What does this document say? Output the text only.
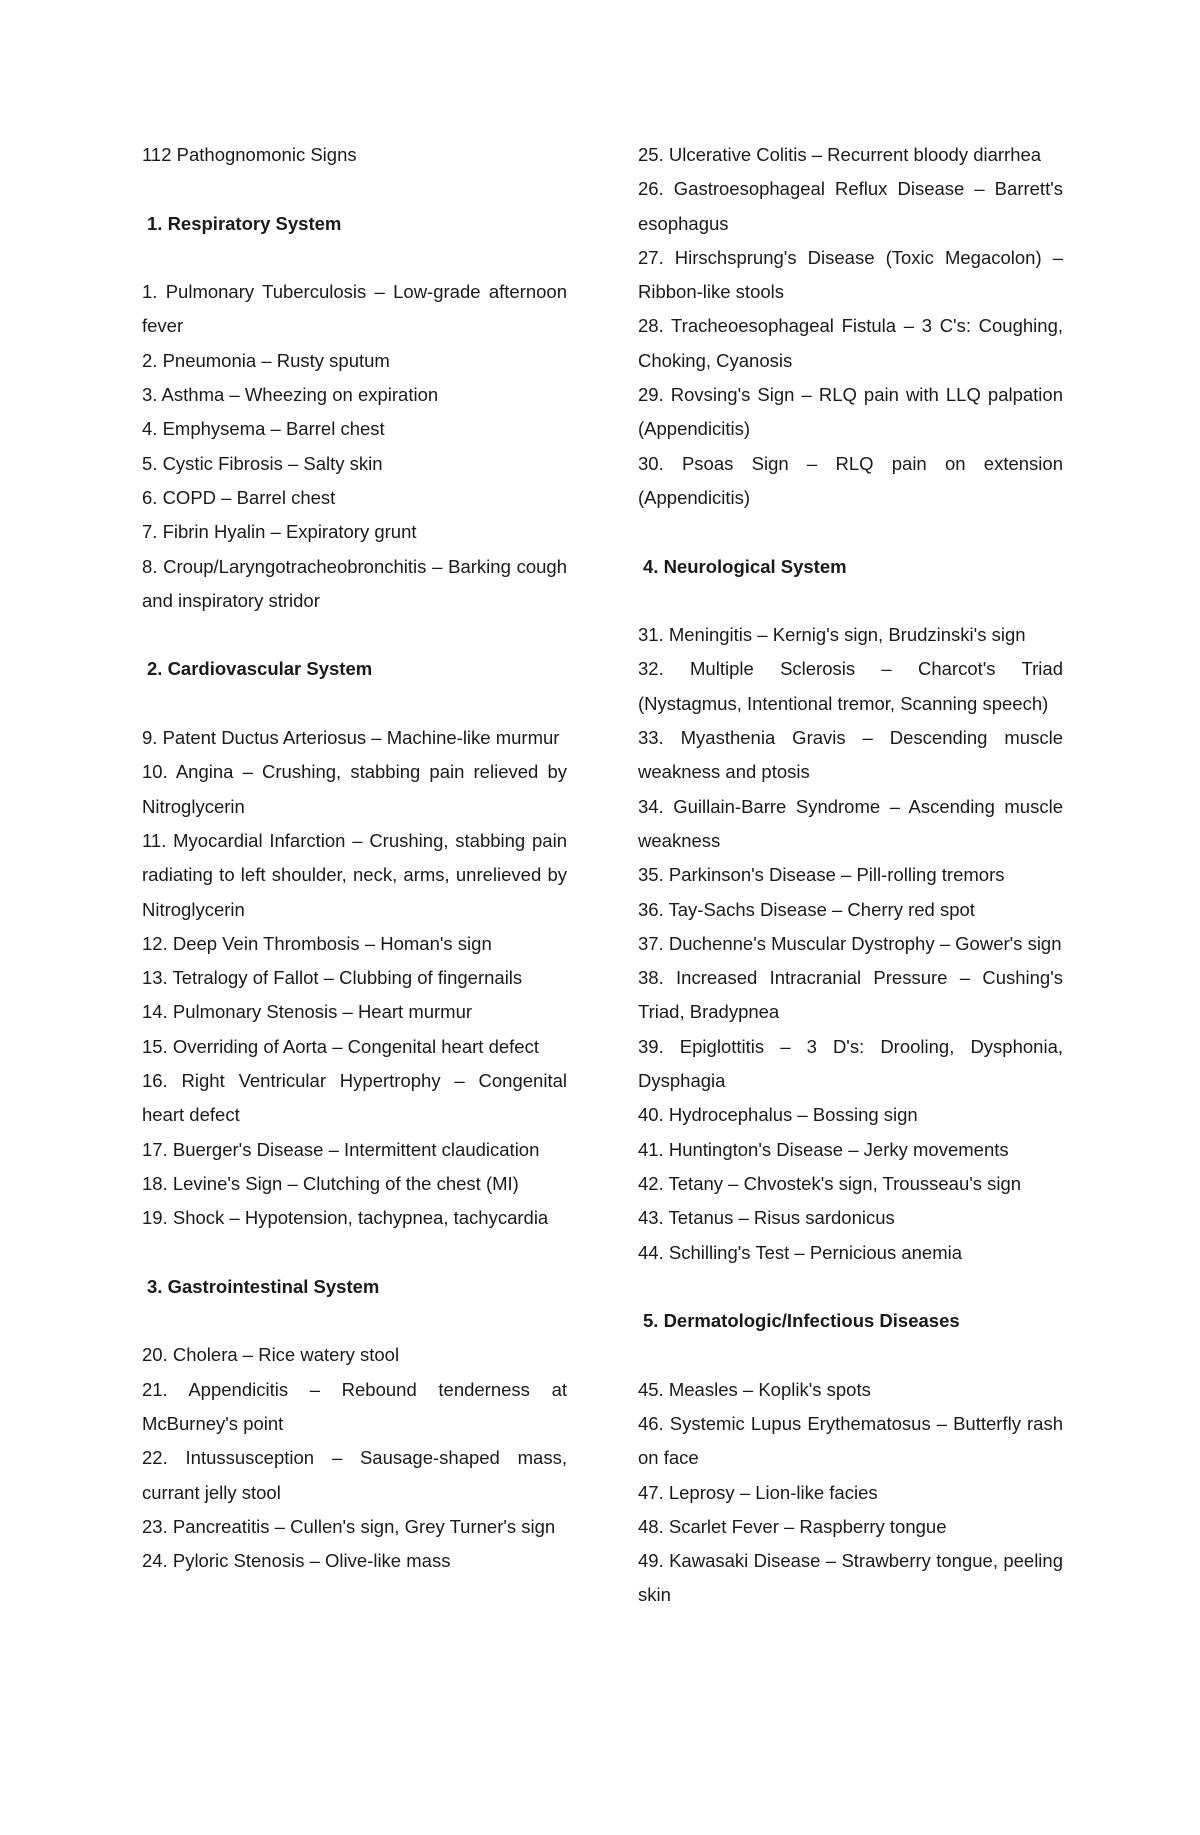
112 Pathognomonic Signs

1. Respiratory System

1. Pulmonary Tuberculosis – Low-grade afternoon fever

2. Pneumonia – Rusty sputum

3. Asthma – Wheezing on expiration

4. Emphysema – Barrel chest

5. Cystic Fibrosis – Salty skin

6. COPD – Barrel chest

7. Fibrin Hyalin – Expiratory grunt

8. Croup/Laryngotracheobronchitis – Barking cough and inspiratory stridor

2. Cardiovascular System

9. Patent Ductus Arteriosus – Machine-like murmur

10. Angina – Crushing, stabbing pain relieved by Nitroglycerin

11. Myocardial Infarction – Crushing, stabbing pain radiating to left shoulder, neck, arms, unrelieved by Nitroglycerin

12. Deep Vein Thrombosis – Homan's sign

13. Tetralogy of Fallot – Clubbing of fingernails

14. Pulmonary Stenosis – Heart murmur

15. Overriding of Aorta – Congenital heart defect

16. Right Ventricular Hypertrophy – Congenital heart defect

17. Buerger's Disease – Intermittent claudication

18. Levine's Sign – Clutching of the chest (MI)

19. Shock – Hypotension, tachypnea, tachycardia

3. Gastrointestinal System

20. Cholera – Rice watery stool

21. Appendicitis – Rebound tenderness at McBurney's point

22. Intussusception – Sausage-shaped mass, currant jelly stool

23. Pancreatitis – Cullen's sign, Grey Turner's sign

24. Pyloric Stenosis – Olive-like mass

25. Ulcerative Colitis – Recurrent bloody diarrhea

26. Gastroesophageal Reflux Disease – Barrett's esophagus

27. Hirschsprung's Disease (Toxic Megacolon) – Ribbon-like stools

28. Tracheoesophageal Fistula – 3 C's: Coughing, Choking, Cyanosis

29. Rovsing's Sign – RLQ pain with LLQ palpation (Appendicitis)

30. Psoas Sign – RLQ pain on extension (Appendicitis)

4. Neurological System

31. Meningitis – Kernig's sign, Brudzinski's sign

32. Multiple Sclerosis – Charcot's Triad (Nystagmus, Intentional tremor, Scanning speech)

33. Myasthenia Gravis – Descending muscle weakness and ptosis

34. Guillain-Barre Syndrome – Ascending muscle weakness

35. Parkinson's Disease – Pill-rolling tremors

36. Tay-Sachs Disease – Cherry red spot

37. Duchenne's Muscular Dystrophy – Gower's sign

38. Increased Intracranial Pressure – Cushing's Triad, Bradypnea

39. Epiglottitis – 3 D's: Drooling, Dysphonia, Dysphagia

40. Hydrocephalus – Bossing sign

41. Huntington's Disease – Jerky movements

42. Tetany – Chvostek's sign, Trousseau's sign

43. Tetanus – Risus sardonicus

44. Schilling's Test – Pernicious anemia

5. Dermatologic/Infectious Diseases

45. Measles – Koplik's spots

46. Systemic Lupus Erythematosus – Butterfly rash on face

47. Leprosy – Lion-like facies

48. Scarlet Fever – Raspberry tongue

49. Kawasaki Disease – Strawberry tongue, peeling skin
